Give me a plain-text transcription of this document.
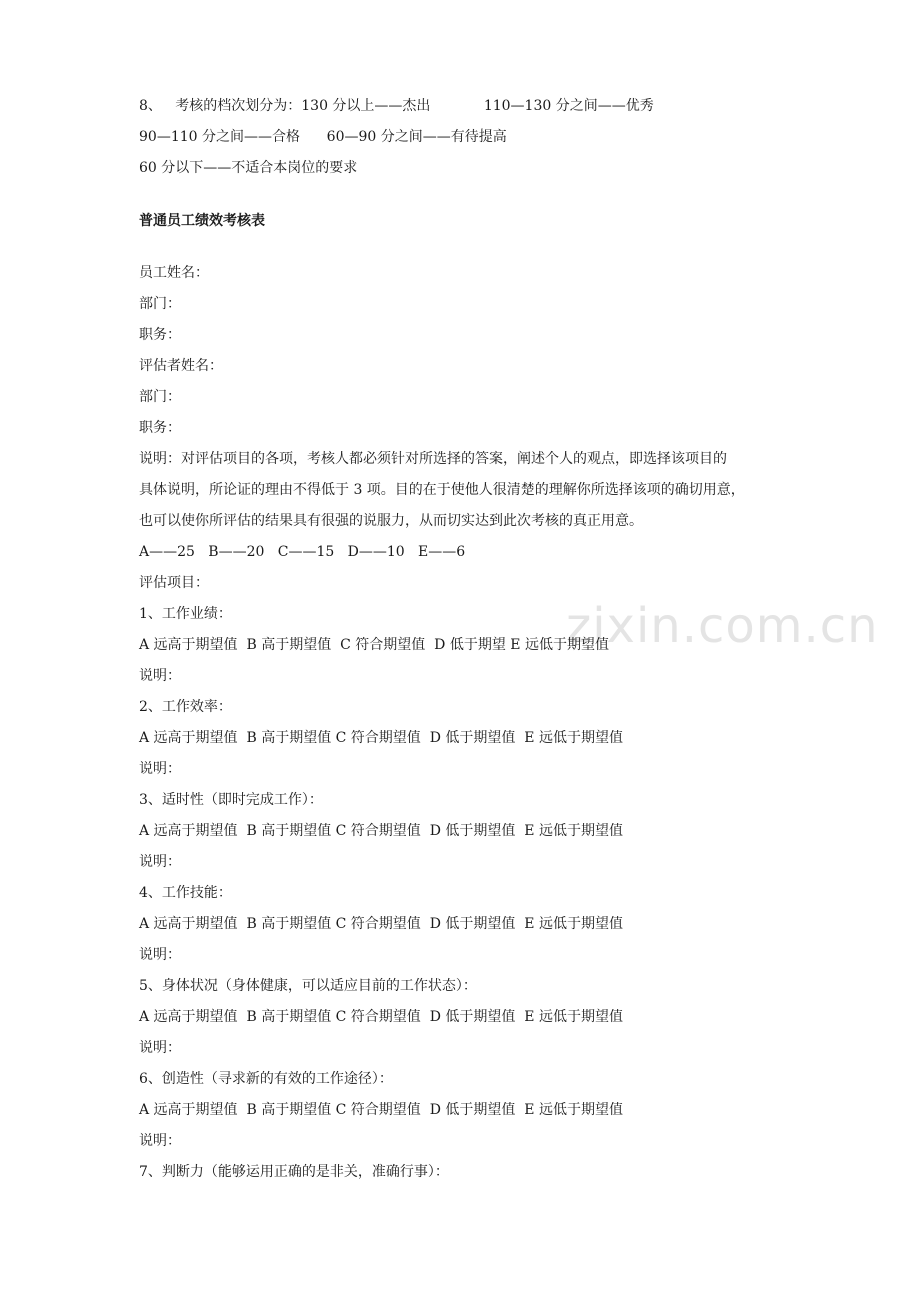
zixin.com.cn
8、   考核的档次划分为：130 分以上——杰出            110—130 分之间——优秀
90—110 分之间——合格      60—90 分之间——有待提高
60 分以下——不适合本岗位的要求
普通员工绩效考核表
员工姓名：
部门：
职务：
评估者姓名：
部门：
职务：
说明：对评估项目的各项，考核人都必须针对所选择的答案，阐述个人的观点，即选择该项目的
具体说明，所论证的理由不得低于 3 项。目的在于使他人很清楚的理解你所选择该项的确切用意，
也可以使你所评估的结果具有很强的说服力，从而切实达到此次考核的真正用意。
A——25   B——20   C——15   D——10   E——6
评估项目：
1、工作业绩：
A 远高于期望值  B 高于期望值  C 符合期望值  D 低于期望 E 远低于期望值
说明：
2、工作效率：
A 远高于期望值  B 高于期望值 C 符合期望值  D 低于期望值  E 远低于期望值
说明：
3、适时性（即时完成工作）：
A 远高于期望值  B 高于期望值 C 符合期望值  D 低于期望值  E 远低于期望值
说明：
4、工作技能：
A 远高于期望值  B 高于期望值 C 符合期望值  D 低于期望值  E 远低于期望值
说明：
5、身体状况（身体健康，可以适应目前的工作状态）：
A 远高于期望值  B 高于期望值 C 符合期望值  D 低于期望值  E 远低于期望值
说明：
6、创造性（寻求新的有效的工作途径）：
A 远高于期望值  B 高于期望值 C 符合期望值  D 低于期望值  E 远低于期望值
说明：
7、判断力（能够运用正确的是非关，准确行事）：
